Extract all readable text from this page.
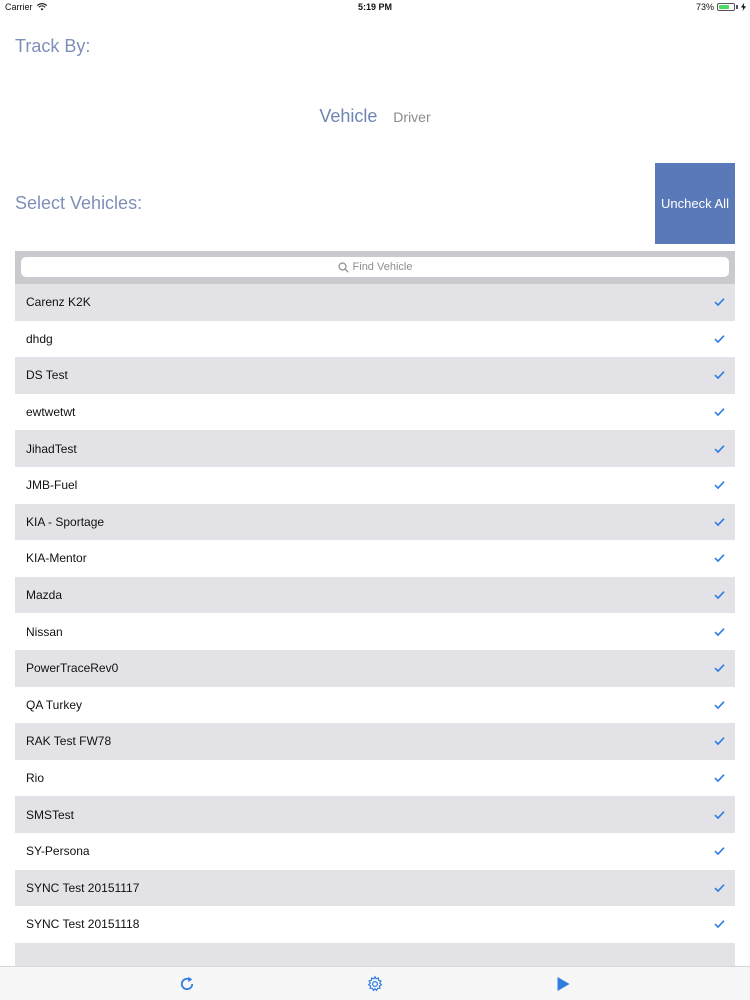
Carrier	5:19 PM	73%
Track By:
Vehicle Driver
Select Vehicles:	Uncheck All
Find Vehicle
Carenz K2K
dhdg
DS Test
ewtwetwt
JihadTest
JMB-Fuel
KIA - Sportage
KIA-Mentor
Mazda
Nissan
PowerTraceRev0
QA Turkey
RAK Test FW78
Rio
SMSTest
SY-Persona
SYNC Test 20151117
SYNC Test 20151118
